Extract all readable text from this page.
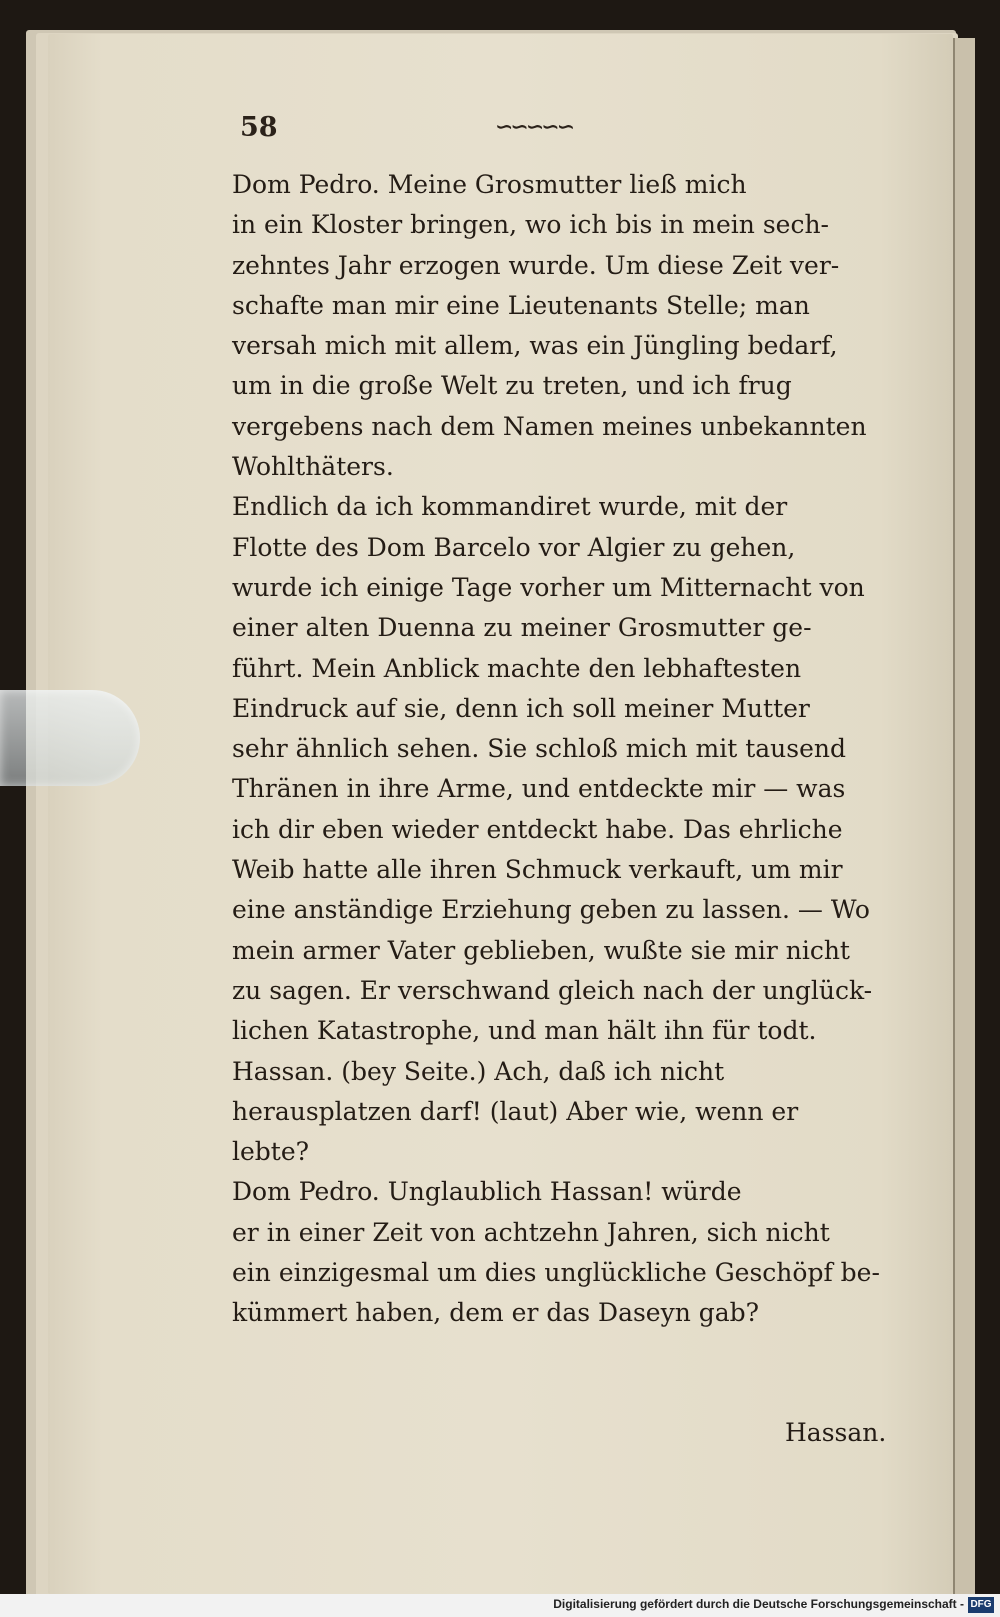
58	∽∽∽∽∽
Dom Pedro. Meine Grosmutter ließ mich
in ein Kloster bringen, wo ich bis in mein sech-
zehntes Jahr erzogen wurde. Um diese Zeit ver-
schafte man mir eine Lieutenants Stelle; man
versah mich mit allem, was ein Jüngling bedarf,
um in die große Welt zu treten, und ich frug
vergebens nach dem Namen meines unbekannten
Wohlthäters.
Endlich da ich kommandiret wurde, mit der
Flotte des Dom Barcelo vor Algier zu gehen,
wurde ich einige Tage vorher um Mitternacht von
einer alten Duenna zu meiner Grosmutter ge-
führt. Mein Anblick machte den lebhaftesten
Eindruck auf sie, denn ich soll meiner Mutter
sehr ähnlich sehen. Sie schloß mich mit tausend
Thränen in ihre Arme, und entdeckte mir — was
ich dir eben wieder entdeckt habe. Das ehrliche
Weib hatte alle ihren Schmuck verkauft, um mir
eine anständige Erziehung geben zu lassen. — Wo
mein armer Vater geblieben, wußte sie mir nicht
zu sagen. Er verschwand gleich nach der unglück-
lichen Katastrophe, und man hält ihn für todt.
Hassan. (bey Seite.) Ach, daß ich nicht
herausplatzen darf! (laut) Aber wie, wenn er
lebte?
Dom Pedro. Unglaublich Hassan! würde
er in einer Zeit von achtzehn Jahren, sich nicht
ein einzigesmal um dies unglückliche Geschöpf be-
kümmert haben, dem er das Daseyn gab?
Hassan.
Digitalisierung gefördert durch die Deutsche Forschungsgemeinschaft - DFG
